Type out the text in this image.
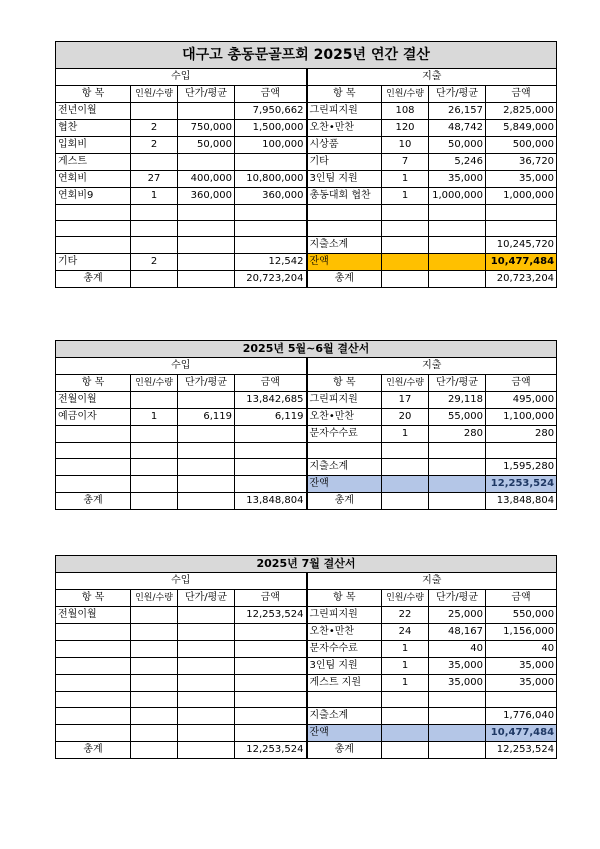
대구고 총동문골프회 2025년 연간 결산							
수입				지출			
항 목	인원/수량	단가/평균	금액	항 목	인원/수량	단가/평균	금액
전년이월			7,950,662	그린피지원	108	26,157	2,825,000
협찬	2	750,000	1,500,000	오찬•만찬	120	48,742	5,849,000
입회비	2	50,000	100,000	시상품	10	50,000	500,000
게스트				기타	7	5,246	36,720
연회비	27	400,000	10,800,000	3인팀 지원	1	35,000	35,000
연회비9	1	360,000	360,000	총동대회 협찬	1	1,000,000	1,000,000

				지출소계			10,245,720
기타	2		12,542	잔액			10,477,484
총계			20,723,204	총계			20,723,204
2025년 5월~6월 결산서							
수입				지출			
항 목	인원/수량	단가/평균	금액	항 목	인원/수량	단가/평균	금액
전월이월			13,842,685	그린피지원	17	29,118	495,000
예금이자	1	6,119	6,119	오찬•만찬	20	55,000	1,100,000
				문자수수료	1	280	280

				지출소계			1,595,280
				잔액			12,253,524
총계			13,848,804	총계			13,848,804
2025년 7월 결산서							
수입				지출			
항 목	인원/수량	단가/평균	금액	항 목	인원/수량	단가/평균	금액
전월이월			12,253,524	그린피지원	22	25,000	550,000
				오찬•만찬	24	48,167	1,156,000
				문자수수료	1	40	40
				3인팀 지원	1	35,000	35,000
				게스트 지원	1	35,000	35,000

				지출소계			1,776,040
				잔액			10,477,484
총계			12,253,524	총계			12,253,524
